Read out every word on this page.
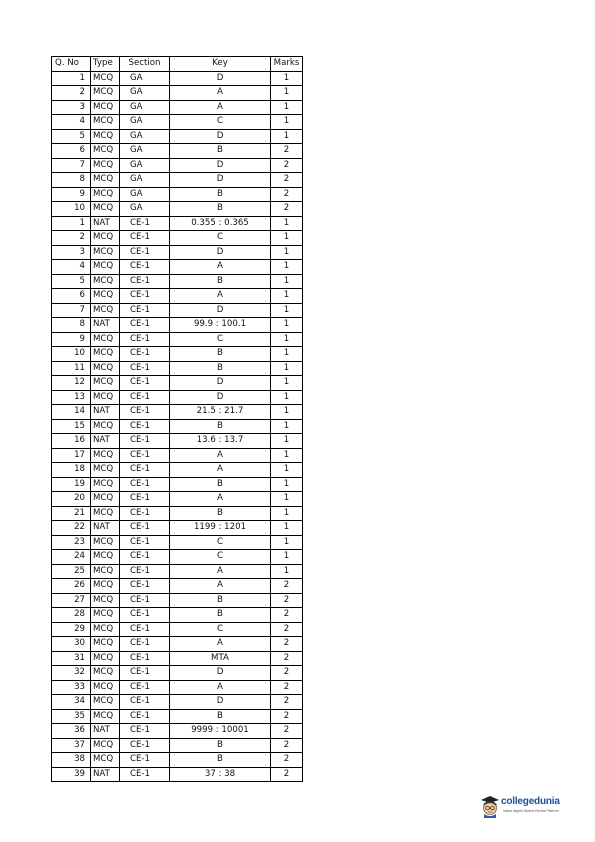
Q. No	Type	Section	Key	Marks
1	MCQ	GA	D	1
2	MCQ	GA	A	1
3	MCQ	GA	A	1
4	MCQ	GA	C	1
5	MCQ	GA	D	1
6	MCQ	GA	B	2
7	MCQ	GA	D	2
8	MCQ	GA	D	2
9	MCQ	GA	B	2
10	MCQ	GA	B	2
1	NAT	CE-1	0.355 : 0.365	1
2	MCQ	CE-1	C	1
3	MCQ	CE-1	D	1
4	MCQ	CE-1	A	1
5	MCQ	CE-1	B	1
6	MCQ	CE-1	A	1
7	MCQ	CE-1	D	1
8	NAT	CE-1	99.9 : 100.1	1
9	MCQ	CE-1	C	1
10	MCQ	CE-1	B	1
11	MCQ	CE-1	B	1
12	MCQ	CE-1	D	1
13	MCQ	CE-1	D	1
14	NAT	CE-1	21.5 : 21.7	1
15	MCQ	CE-1	B	1
16	NAT	CE-1	13.6 : 13.7	1
17	MCQ	CE-1	A	1
18	MCQ	CE-1	A	1
19	MCQ	CE-1	B	1
20	MCQ	CE-1	A	1
21	MCQ	CE-1	B	1
22	NAT	CE-1	1199 : 1201	1
23	MCQ	CE-1	C	1
24	MCQ	CE-1	C	1
25	MCQ	CE-1	A	1
26	MCQ	CE-1	A	2
27	MCQ	CE-1	B	2
28	MCQ	CE-1	B	2
29	MCQ	CE-1	C	2
30	MCQ	CE-1	A	2
31	MCQ	CE-1	MTA	2
32	MCQ	CE-1	D	2
33	MCQ	CE-1	A	2
34	MCQ	CE-1	D	2
35	MCQ	CE-1	B	2
36	NAT	CE-1	9999 : 10001	2
37	MCQ	CE-1	B	2
38	MCQ	CE-1	B	2
39	NAT	CE-1	37 : 38	2
collegedunia
India's largest Student Review Platform
